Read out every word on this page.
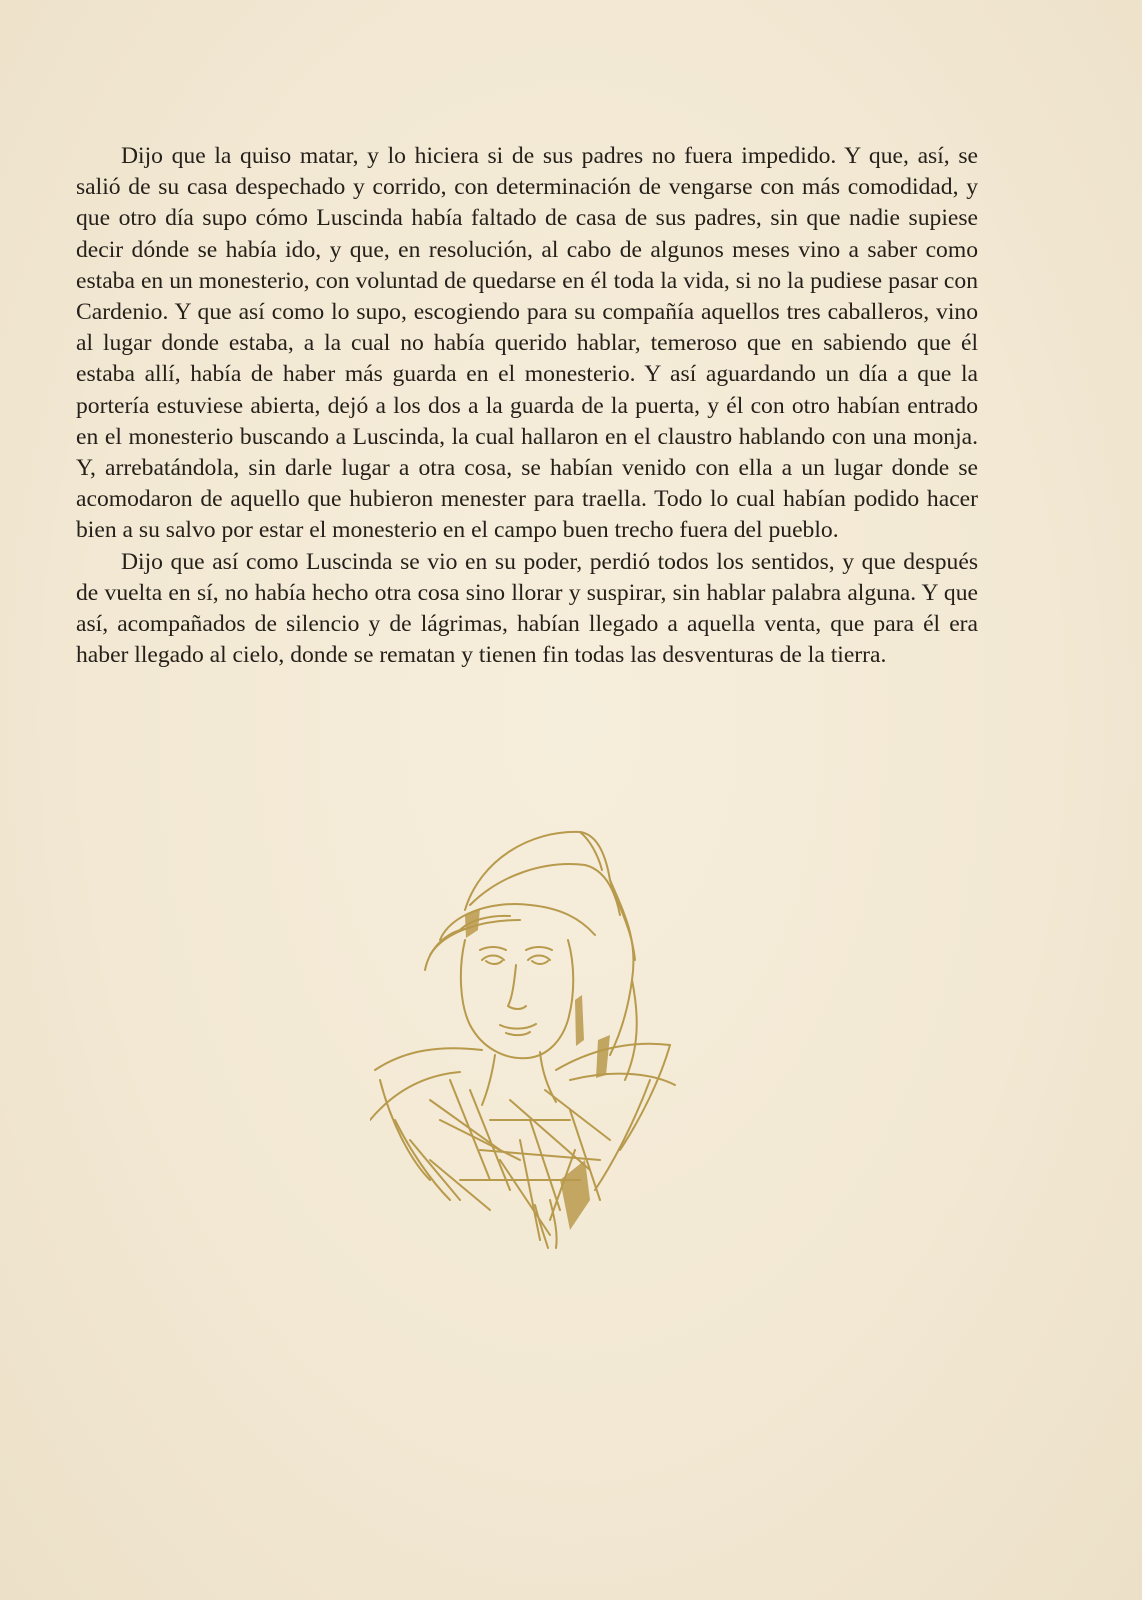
Dijo que la quiso matar, y lo hiciera si de sus padres no fuera impedido. Y que, así, se salió de su casa despechado y corrido, con determinación de vengarse con más comodidad, y que otro día supo cómo Luscinda había faltado de casa de sus padres, sin que nadie supiese decir dónde se había ido, y que, en resolución, al cabo de algunos meses vino a saber como estaba en un monesterio, con voluntad de quedarse en él toda la vida, si no la pudiese pasar con Cardenio. Y que así como lo supo, escogiendo para su compañía aquellos tres caballeros, vino al lugar donde estaba, a la cual no había querido hablar, temeroso que en sabiendo que él estaba allí, había de haber más guarda en el monesterio. Y así aguardando un día a que la portería estuviese abierta, dejó a los dos a la guarda de la puerta, y él con otro habían entrado en el monesterio buscando a Luscinda, la cual hallaron en el claustro hablando con una monja. Y, arrebatándola, sin darle lugar a otra cosa, se habían venido con ella a un lugar donde se acomodaron de aquello que hubieron menester para traella. Todo lo cual habían podido hacer bien a su salvo por estar el monesterio en el campo buen trecho fuera del pueblo.

Dijo que así como Luscinda se vio en su poder, perdió todos los sentidos, y que después de vuelta en sí, no había hecho otra cosa sino llorar y suspirar, sin hablar palabra alguna. Y que así, acompañados de silencio y de lágrimas, habían llegado a aquella venta, que para él era haber llegado al cielo, donde se rematan y tienen fin todas las desventuras de la tierra.
